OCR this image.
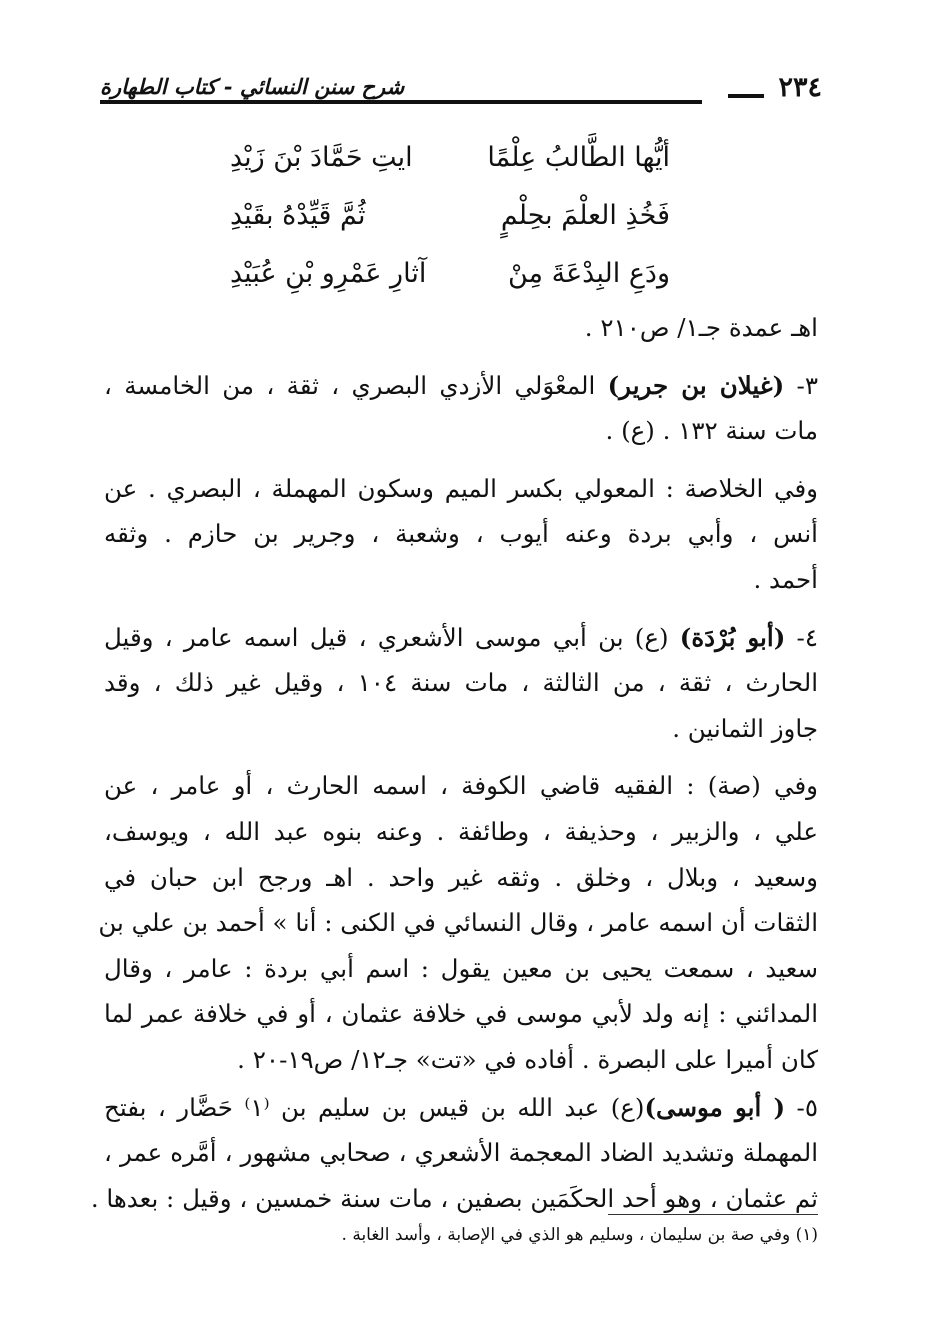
٢٣٤
شرح سنن النسائي - كتاب الطهارة
أيُّها الطَّالبُ عِلْمًا
ايتِ حَمَّادَ بْنَ زَيْدِ
فَخُذِ العلْمَ بحِلْمٍ
ثُمَّ قَيِّدْهُ بقَيْدِ
ودَعِ البِدْعَةَ مِنْ
آثارِ عَمْرِو بْنِ عُبَيْدِ
اهـ عمدة جـ١/ ص٢١٠ .
٣- (غيلان بن جرير) المعْوَلي الأزدي البصري ، ثقة ، من الخامسة ،
مات سنة ١٣٢ . (ع) .
وفي الخلاصة : المعولي بكسر الميم وسكون المهملة ، البصري . عن
أنس ، وأبي بردة وعنه أيوب ، وشعبة ، وجرير بن حازم . وثقه
أحمد .
٤- (أبو بُرْدَة) (ع) بن أبي موسى الأشعري ، قيل اسمه عامر ، وقيل
الحارث ، ثقة ، من الثالثة ، مات سنة ١٠٤ ، وقيل غير ذلك ، وقد
جاوز الثمانين .
وفي (صة) : الفقيه قاضي الكوفة ، اسمه الحارث ، أو عامر ، عن
علي ، والزبير ، وحذيفة ، وطائفة . وعنه بنوه عبد الله ، ويوسف،
وسعيد ، وبلال ، وخلق . وثقه غير واحد . اهـ ورجح ابن حبان في
الثقات أن اسمه عامر ، وقال النسائي في الكنى : أنا » أحمد بن علي بن
سعيد ، سمعت يحيى بن معين يقول : اسم أبي بردة : عامر ، وقال
المدائني : إنه ولد لأبي موسى في خلافة عثمان ، أو في خلافة عمر لما
كان أميرا على البصرة . أفاده في «تت» جـ١٢/ ص١٩-٢٠ .
٥- ( أبو موسى)(ع) عبد الله بن قيس بن سليم بن ⁽١⁾ حَضَّار ، بفتح
المهملة وتشديد الضاد المعجمة الأشعري ، صحابي مشهور ، أمَّره عمر ،
ثم عثمان ، وهو أحد الحكَمَين بصفين ، مات سنة خمسين ، وقيل : بعدها .
(١) وفي صة بن سليمان ، وسليم هو الذي في الإصابة ، وأسد الغابة .
